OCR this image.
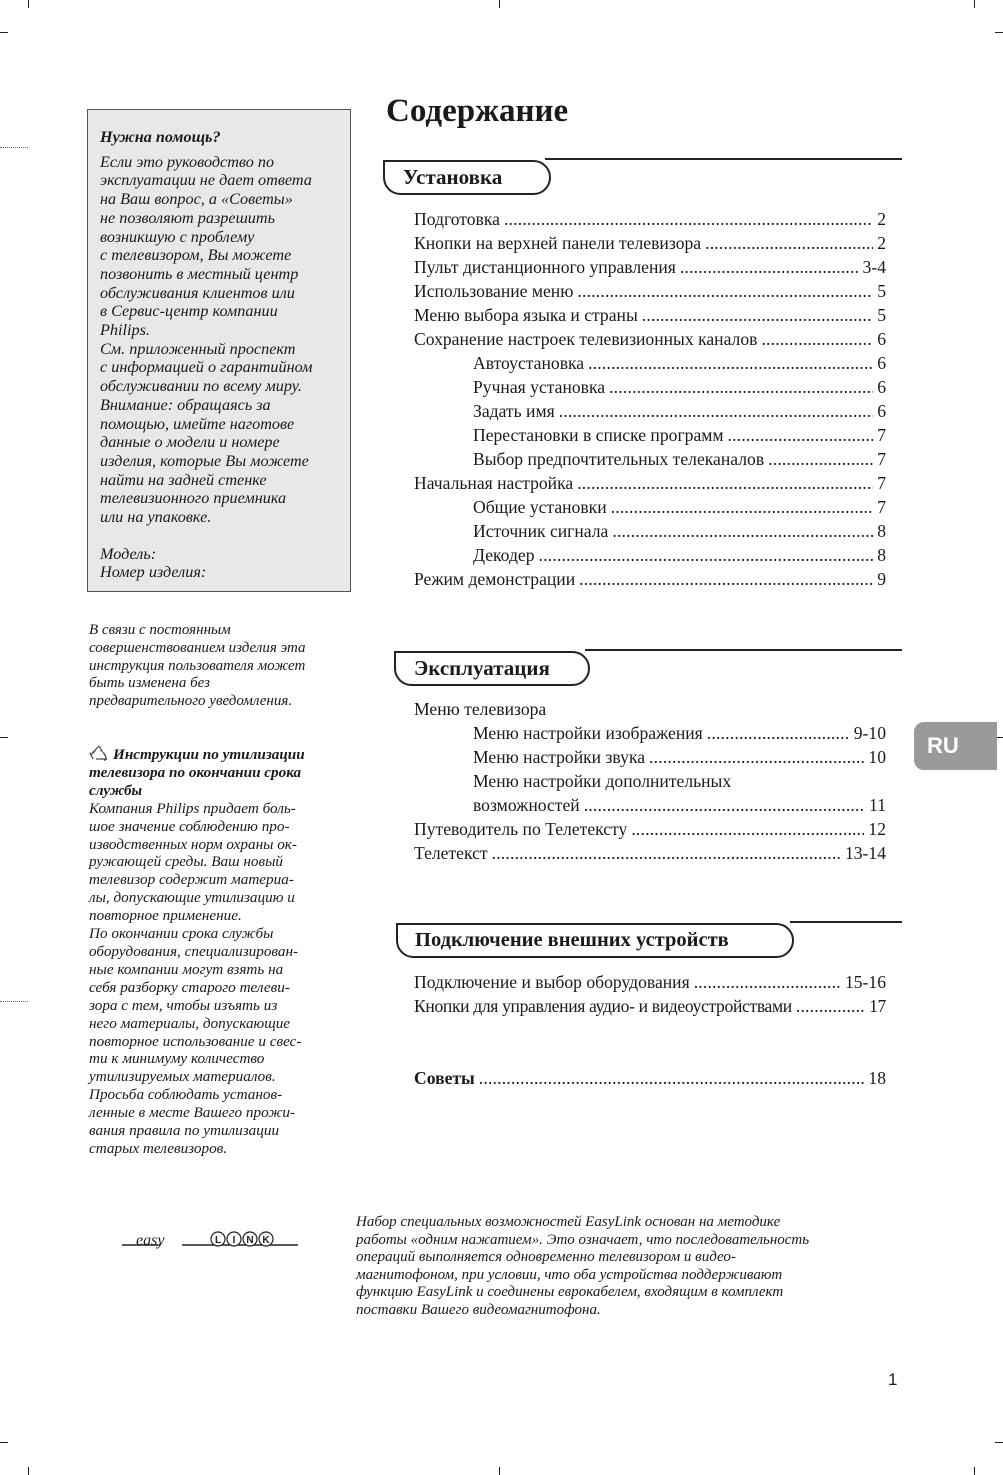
Нужна помощь?
Если это руководство по
эксплуатации не дает ответа
на Ваш вопрос, а «Советы»
не позволяют разрешить
возникшую с проблему
с телевизором, Вы можете
позвонить в местный центр
обслуживания клиентов или
в Сервис-центр компании
Philips.
См. приложенный проспект
с информацией о гарантийном
обслуживании по всему миру.
Внимание: обращаясь за
помощью, имейте наготове
данные о модели и номере
изделия, которые Вы можете
найти на задней стенке
телевизионного приемника
или на упаковке.
Модель:
Номер изделия:
В связи с постоянным
совершенствованием изделия эта
инструкция пользователя может
быть изменена без
предварительного уведомления.
Инструкции по утилизации
телевизора по окончании срока
службы
Компания Philips придает боль-
шое значение соблюдению про-
изводственных норм охраны ок-
ружающей среды. Ваш новый
телевизор содержит материа-
лы, допускающие утилизацию и
повторное применение.
По окончании срока службы
оборудования, специализирован-
ные компании могут взять на
себя разборку старого телеви-
зора с тем, чтобы изъять из
него материалы, допускающие
повторное использование и свес-
ти к минимуму количество
утилизируемых материалов.
Просьба соблюдать установ-
ленные в месте Вашего прожи-
вания правила по утилизации
старых телевизоров.
Содержание
Установка
Подготовка .....	2
Кнопки на верхней панели телевизора .....	2
Пульт дистанционного управления .....	3-4
Использование меню .....	5
Меню выбора языка и страны .....	5
Сохранение настроек телевизионных каналов .....	6
Автоустановка .....	6
Ручная установка .....	6
Задать имя .....	6
Перестановки в списке программ .....	7
Выбор предпочтительных телеканалов .....	7
Начальная настройка .....	7
Общие установки .....	7
Источник сигнала .....	8
Декодер .....	8
Режим демонстрации .....	9
Эксплуатация
Меню телевизора
Меню настройки изображения .....	9-10
Меню настройки звука .....	10
Меню настройки дополнительных
возможностей .....	11
Путеводитель по Телетексту .....	12
Телетекст .....	13-14
Подключение внешних устройств
Подключение и выбор оборудования .....	15-16
Кнопки для управления аудио- и видеоустройствами .....	17
Советы .....	18
RU
easy	L I N K
Набор специальных возможностей EasyLink основан на методике
работы «одним нажатием». Это означает, что последовательность
операций выполняется одновременно телевизором и видео-
магнитофоном, при условии, что оба устройства поддерживают
функцию EasyLink и соединены еврокабелем, входящим в комплект
поставки Вашего видеомагнитофона.
1
